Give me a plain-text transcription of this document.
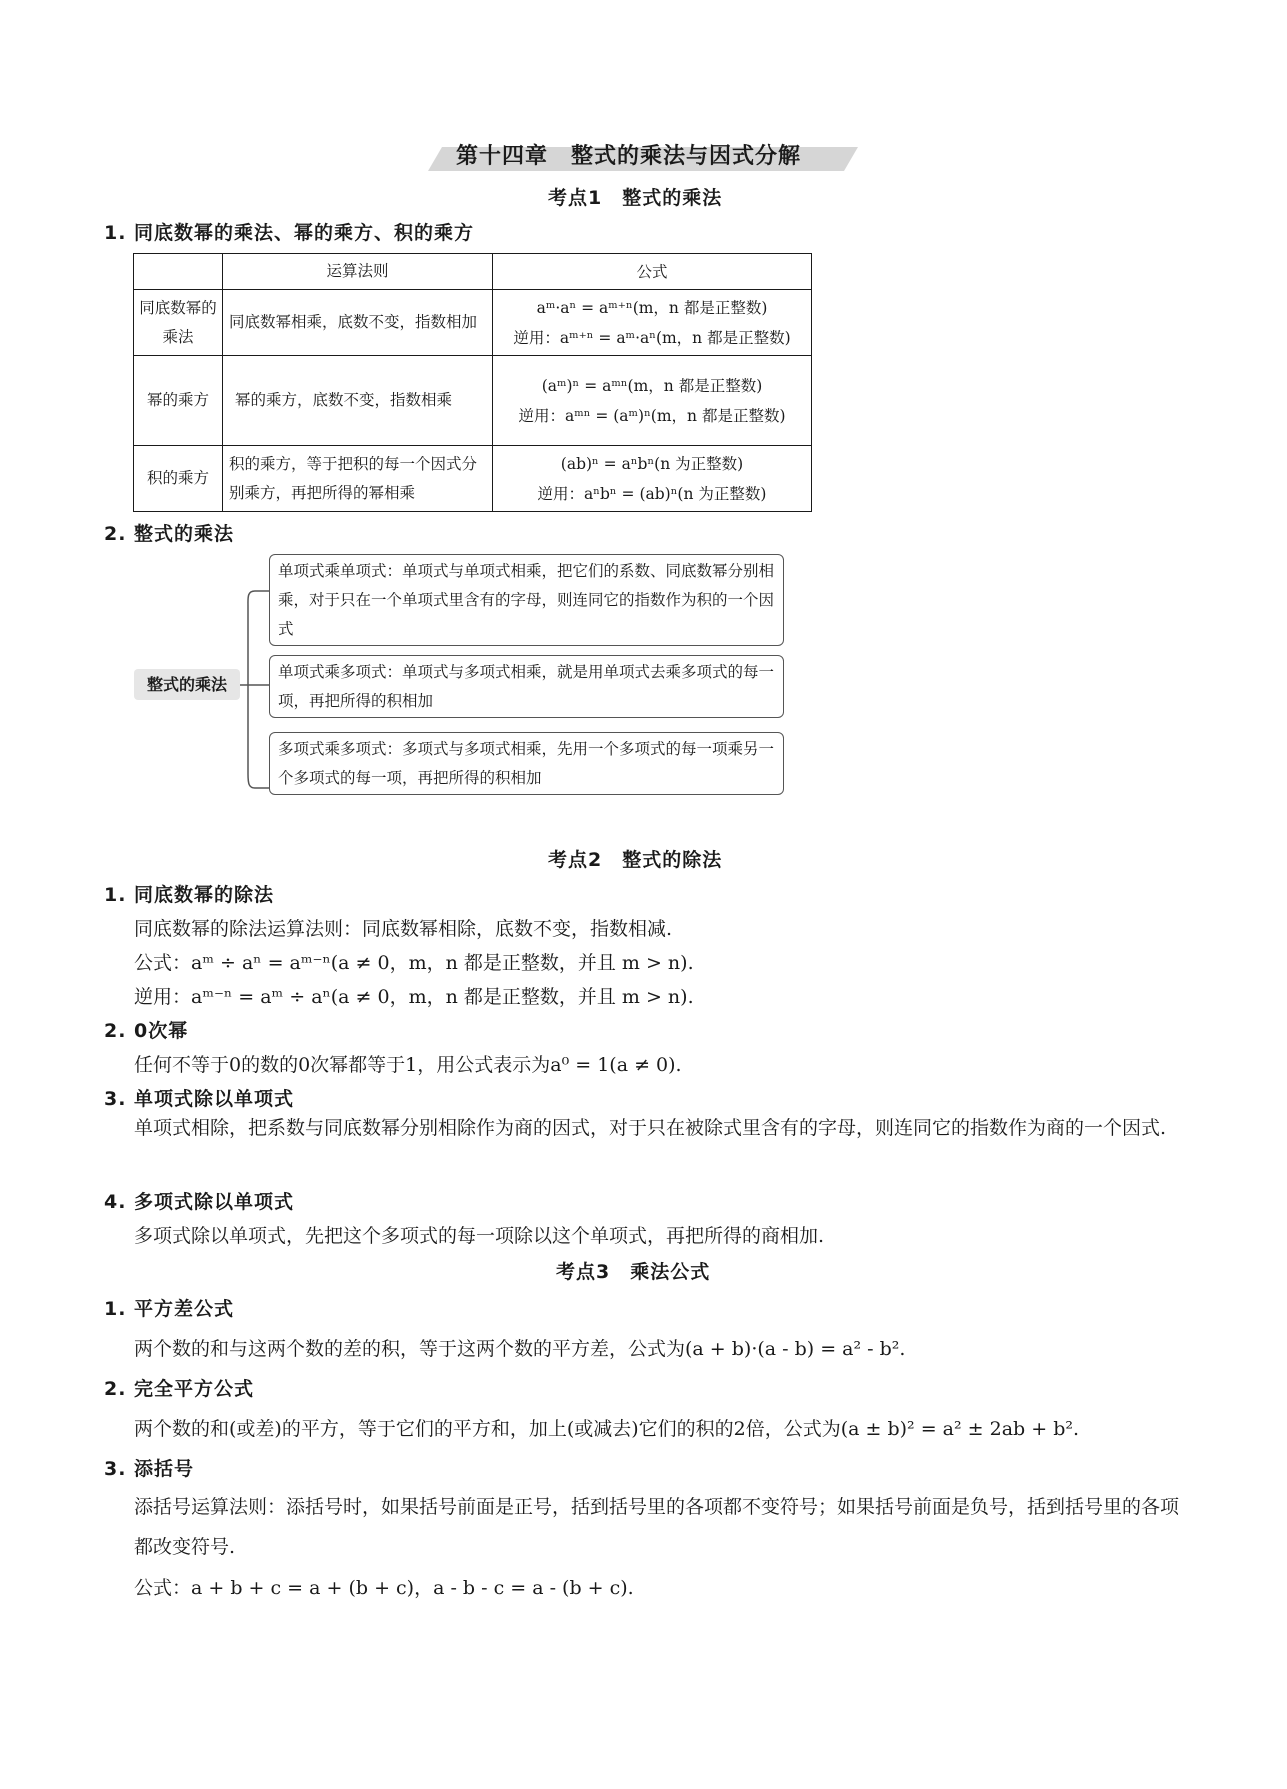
第十四章　整式的乘法与因式分解
考点1　整式的乘法
1. 同底数幂的乘法、幂的乘方、积的乘方
	运算法则	公式

同底数幂的乘法	同底数幂相乘，底数不变，指数相加	aᵐ·aⁿ = aᵐ⁺ⁿ(m，n 都是正整数)
逆用：aᵐ⁺ⁿ = aᵐ·aⁿ(m，n 都是正整数)

幂的乘方	幂的乘方，底数不变，指数相乘	(aᵐ)ⁿ = aᵐⁿ(m，n 都是正整数)
逆用：aᵐⁿ = (aᵐ)ⁿ(m，n 都是正整数)

积的乘方	积的乘方，等于把积的每一个因式分别乘方，再把所得的幂相乘	(ab)ⁿ = aⁿbⁿ(n 为正整数)
逆用：aⁿbⁿ = (ab)ⁿ(n 为正整数)
2. 整式的乘法
整式的乘法
单项式乘单项式：单项式与单项式相乘，把它们的系数、同底数幂分别相乘，对于只在一个单项式里含有的字母，则连同它的指数作为积的一个因式
单项式乘多项式：单项式与多项式相乘，就是用单项式去乘多项式的每一项，再把所得的积相加
多项式乘多项式：多项式与多项式相乘，先用一个多项式的每一项乘另一个多项式的每一项，再把所得的积相加
考点2　整式的除法
1. 同底数幂的除法
同底数幂的除法运算法则：同底数幂相除，底数不变，指数相减.
公式：aᵐ ÷ aⁿ = aᵐ⁻ⁿ(a ≠ 0，m，n 都是正整数，并且 m > n).
逆用：aᵐ⁻ⁿ = aᵐ ÷ aⁿ(a ≠ 0，m，n 都是正整数，并且 m > n).
2. 0次幂
任何不等于0的数的0次幂都等于1，用公式表示为a⁰ = 1(a ≠ 0).
3. 单项式除以单项式
单项式相除，把系数与同底数幂分别相除作为商的因式，对于只在被除式里含有的字母，则连同它的指数作为商的一个因式.
4. 多项式除以单项式
多项式除以单项式，先把这个多项式的每一项除以这个单项式，再把所得的商相加.
考点3　乘法公式
1. 平方差公式
两个数的和与这两个数的差的积，等于这两个数的平方差，公式为(a + b)·(a - b) = a² - b².
2. 完全平方公式
两个数的和(或差)的平方，等于它们的平方和，加上(或减去)它们的积的2倍，公式为(a ± b)² = a² ± 2ab + b².
3. 添括号
添括号运算法则：添括号时，如果括号前面是正号，括到括号里的各项都不变符号；如果括号前面是负号，括到括号里的各项都改变符号.
公式：a + b + c = a + (b + c)，a - b - c = a - (b + c).
